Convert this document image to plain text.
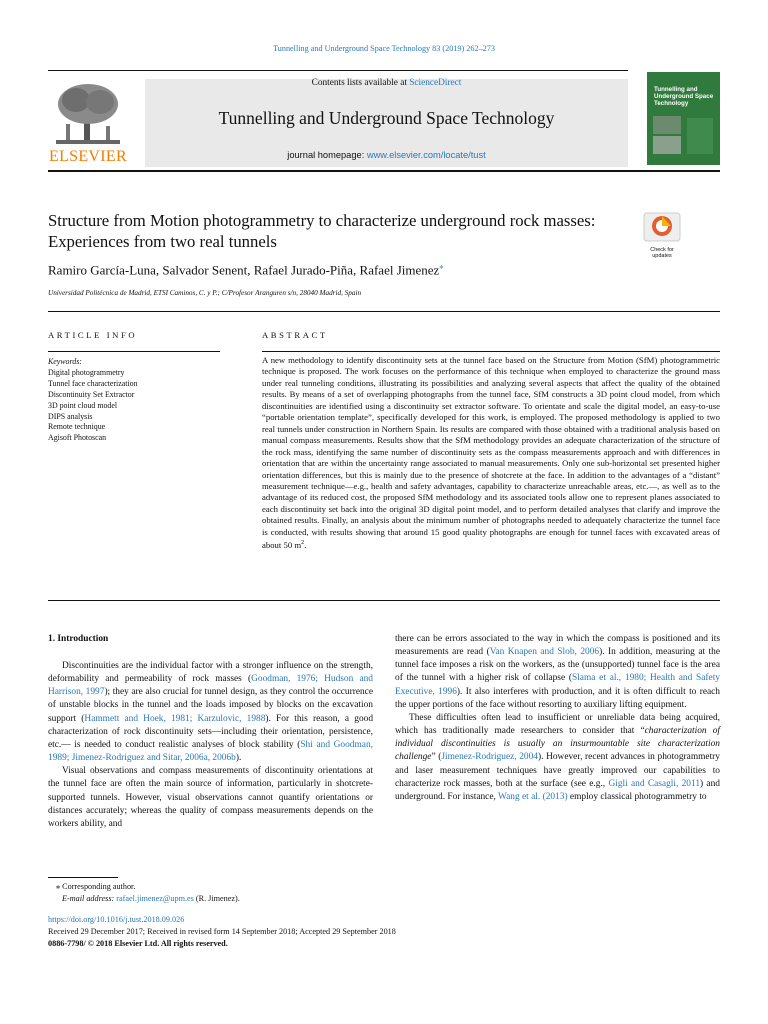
Tunnelling and Underground Space Technology 83 (2019) 262–273
ELSEVIER
Contents lists available at ScienceDirect
Tunnelling and Underground Space Technology
journal homepage: www.elsevier.com/locate/tust
Tunnelling and Underground Space Technology
Structure from Motion photogrammetry to characterize underground rock masses: Experiences from two real tunnels	Check for updates
Ramiro García-Luna, Salvador Senent, Rafael Jurado-Piña, Rafael Jimenez⁎
Universidad Politécnica de Madrid, ETSI Caminos, C. y P.; C/Profesor Aranguren s/n, 28040 Madrid, Spain
ARTICLE INFO	ABSTRACT
Keywords:
Digital photogrammetry
Tunnel face characterization
Discontinuity Set Extractor
3D point cloud model
DIPS analysis
Remote technique
Agisoft Photoscan
A new methodology to identify discontinuity sets at the tunnel face based on the Structure from Motion (SfM) photogrammetric technique is proposed. The work focuses on the performance of this technique when employed to characterize the ground mass under real tunneling conditions, illustrating its possibilities and analyzing several aspects that affect the quality of the obtained results. By means of a set of overlapping photographs from the tunnel face, SfM constructs a 3D point cloud model, from which discontinuities are identified using a discontinuity set extractor software. To orientate and scale the digital model, an easy-to-use “portable orientation template”, specifically developed for this work, is employed. The proposed methodology is applied to two real tunnels under construction in Northern Spain. Its results are compared with those obtained with a traditional analysis based on manual compass measurements. Results show that the SfM methodology provides an adequate characterization of the structure of the rock mass, identifying the same number of discontinuity sets as the compass measurements approach and with differences in orientation that are within the uncertainty range associated to manual measurements. Only one sub-horizontal set presented higher orientation differences, but this is mainly due to the presence of shotcrete at the face. In addition to the advantages of a “distant” measurement technique—e.g., health and safety advantages, capability to characterize unreachable areas, etc.—, as well as to the advantage of its reduced cost, the proposed SfM methodology and its associated tools allow one to represent planes associated to each discontinuity set back into the original 3D digital point model, and to perform detailed analyses that clarify and improve the obtained results. Finally, an analysis about the minimum number of photographs needed to adequately characterize the tunnel face is conducted, with results showing that around 15 good quality photographs are enough for tunnel faces with excavated areas of about 50 $m^2$.
1. Introduction

Discontinuities are the individual factor with a stronger influence on the strength, deformability and permeability of rock masses (Goodman, 1976; Hudson and Harrison, 1997); they are also crucial for tunnel design, as they control the occurrence of unstable blocks in the tunnel and the loads imposed by blocks on the excavation support (Hammett and Hoek, 1981; Karzulovic, 1988). For this reason, a good characterization of rock discontinuity sets—including their orientation, persistence, etc.— is needed to conduct realistic analyses of block stability (Shi and Goodman, 1989; Jimenez-Rodriguez and Sitar, 2006a, 2006b).

Visual observations and compass measurements of discontinuity orientations at the tunnel face are often the main source of information, particularly in shotcrete-supported tunnels. However, visual observations cannot quantify orientations or distances accurately; whereas the quality of compass measurements depends on the workers ability, and

there can be errors associated to the way in which the compass is positioned and its measurements are read (Van Knapen and Slob, 2006). In addition, measuring at the tunnel face imposes a risk on the workers, as the (unsupported) tunnel face is the area of the tunnel with a higher risk of collapse (Slama et al., 1980; Health and Safety Executive, 1996). It also interferes with production, and it is often difficult to reach the upper portions of the face without resorting to auxiliary lifting equipment.

These difficulties often lead to insufficient or unreliable data being acquired, which has traditionally made researchers to consider that “characterization of individual discontinuities is usually an insurmountable site characterization challenge” (Jimenez-Rodriguez, 2004). However, recent advances in photogrammetry and laser measurement techniques have greatly improved our capabilities to characterize rock masses, both at the surface (see e.g., Gigli and Casagli, 2011) and underground. For instance, Wang et al. (2013) employ classical photogrammetry to

⁎ Corresponding author.
E-mail address: rafael.jimenez@upm.es (R. Jimenez).
https://doi.org/10.1016/j.tust.2018.09.026
Received 29 December 2017; Received in revised form 14 September 2018; Accepted 29 September 2018
0886-7798/ © 2018 Elsevier Ltd. All rights reserved.
